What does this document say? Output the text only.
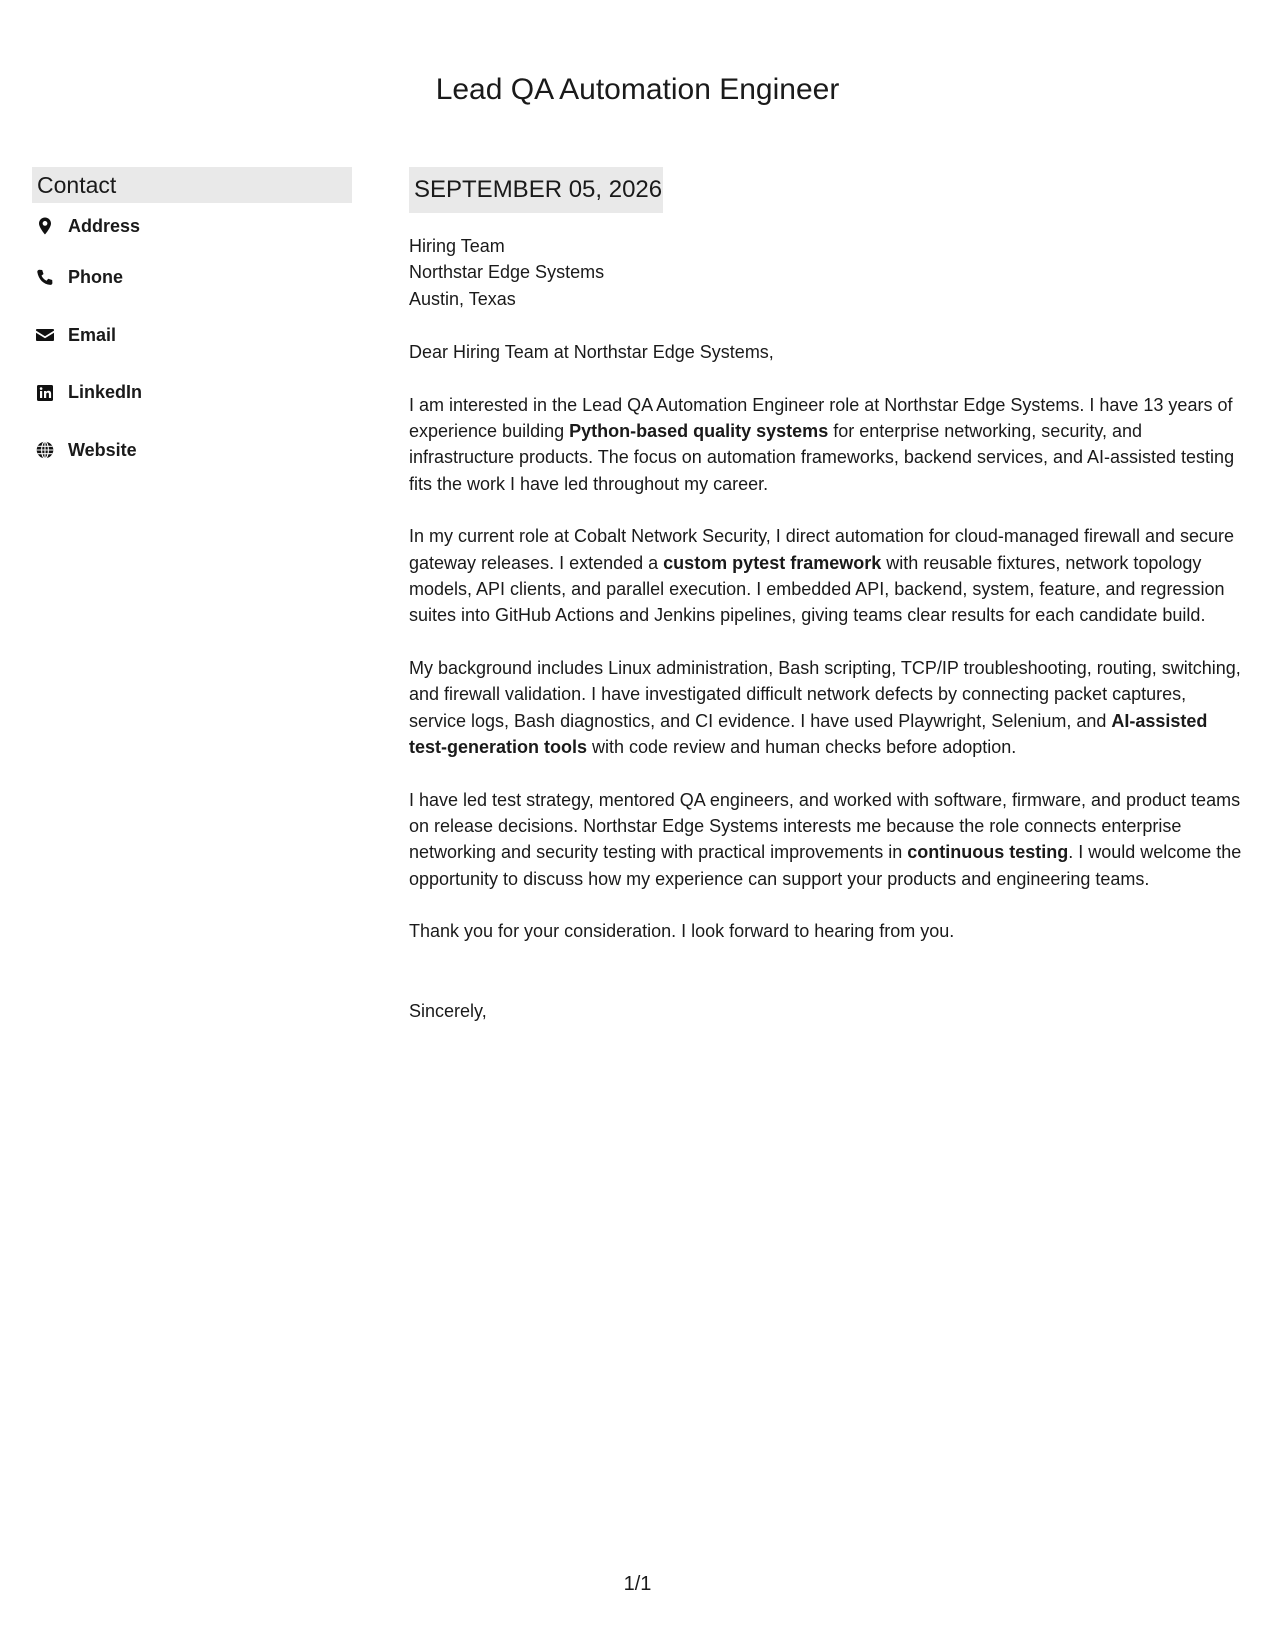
Lead QA Automation Engineer
Contact
Address
Phone
Email
LinkedIn
Website
SEPTEMBER 05, 2026
Hiring Team
Northstar Edge Systems
Austin, Texas

Dear Hiring Team at Northstar Edge Systems,

I am interested in the Lead QA Automation Engineer role at Northstar Edge Systems. I have 13 years of experience building Python-based quality systems for enterprise networking, security, and infrastructure products. The focus on automation frameworks, backend services, and AI-assisted testing fits the work I have led throughout my career.

In my current role at Cobalt Network Security, I direct automation for cloud-managed firewall and secure gateway releases. I extended a custom pytest framework with reusable fixtures, network topology models, API clients, and parallel execution. I embedded API, backend, system, feature, and regression suites into GitHub Actions and Jenkins pipelines, giving teams clear results for each candidate build.

My background includes Linux administration, Bash scripting, TCP/IP troubleshooting, routing, switching, and firewall validation. I have investigated difficult network defects by connecting packet captures, service logs, Bash diagnostics, and CI evidence. I have used Playwright, Selenium, and AI-assisted test-generation tools with code review and human checks before adoption.

I have led test strategy, mentored QA engineers, and worked with software, firmware, and product teams on release decisions. Northstar Edge Systems interests me because the role connects enterprise networking and security testing with practical improvements in continuous testing. I would welcome the opportunity to discuss how my experience can support your products and engineering teams.

Thank you for your consideration. I look forward to hearing from you.

Sincerely,

1/1
